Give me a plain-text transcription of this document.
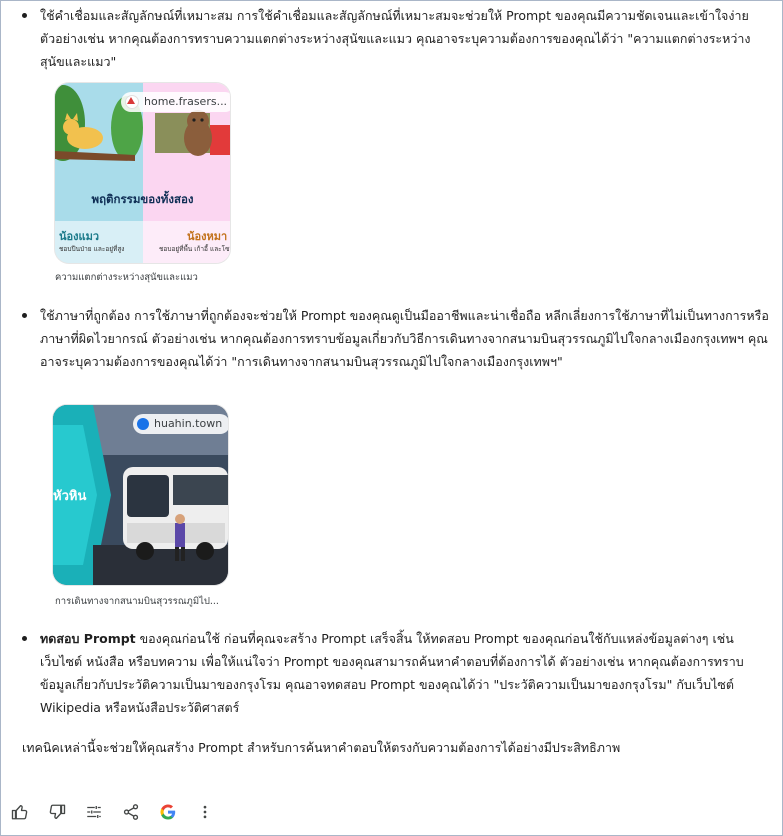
ใช้คำเชื่อมและสัญลักษณ์ที่เหมาะสม การใช้คำเชื่อมและสัญลักษณ์ที่เหมาะสมจะช่วยให้ Prompt ของคุณมีความชัดเจนและเข้าใจง่าย ตัวอย่างเช่น หากคุณต้องการทราบความแตกต่างระหว่างสุนัขและแมว คุณอาจระบุความต้องการของคุณได้ว่า "ความแตกต่างระหว่างสุนัขและแมว"
ใช้ภาษาที่ถูกต้อง การใช้ภาษาที่ถูกต้องจะช่วยให้ Prompt ของคุณดูเป็นมืออาชีพและน่าเชื่อถือ หลีกเลี่ยงการใช้ภาษาที่ไม่เป็นทางการหรือภาษาที่ผิดไวยากรณ์ ตัวอย่างเช่น หากคุณต้องการทราบข้อมูลเกี่ยวกับวิธีการเดินทางจากสนามบินสุวรรณภูมิไปใจกลางเมืองกรุงเทพฯ คุณอาจระบุความต้องการของคุณได้ว่า "การเดินทางจากสนามบินสุวรรณภูมิไปใจกลางเมืองกรุงเทพฯ"
ทดสอบ Prompt ของคุณก่อนใช้ ก่อนที่คุณจะสร้าง Prompt เสร็จสิ้น ให้ทดสอบ Prompt ของคุณก่อนใช้กับแหล่งข้อมูลต่างๆ เช่น เว็บไซต์ หนังสือ หรือบทความ เพื่อให้แน่ใจว่า Prompt ของคุณสามารถค้นหาคำตอบที่ต้องการได้ ตัวอย่างเช่น หากคุณต้องการทราบข้อมูลเกี่ยวกับประวัติความเป็นมาของกรุงโรม คุณอาจทดสอบ Prompt ของคุณได้ว่า "ประวัติความเป็นมาของกรุงโรม" กับเว็บไซต์ Wikipedia หรือหนังสือประวัติศาสตร์
พฤติกรรมของทั้งสอง
น้องแมว
ชอบปีนป่าย และอยู่ที่สูง
น้องหมา
ชอบอยู่ที่พื้น เก้าอี้ และโซ
home.frasers...
ความแตกต่างระหว่างสุนัขและแมว
หัวหิน
huahin.town
การเดินทางจากสนามบินสุวรรณภูมิไป...
เทคนิคเหล่านี้จะช่วยให้คุณสร้าง Prompt สำหรับการค้นหาคำตอบให้ตรงกับความต้องการได้อย่างมีประสิทธิภาพ
